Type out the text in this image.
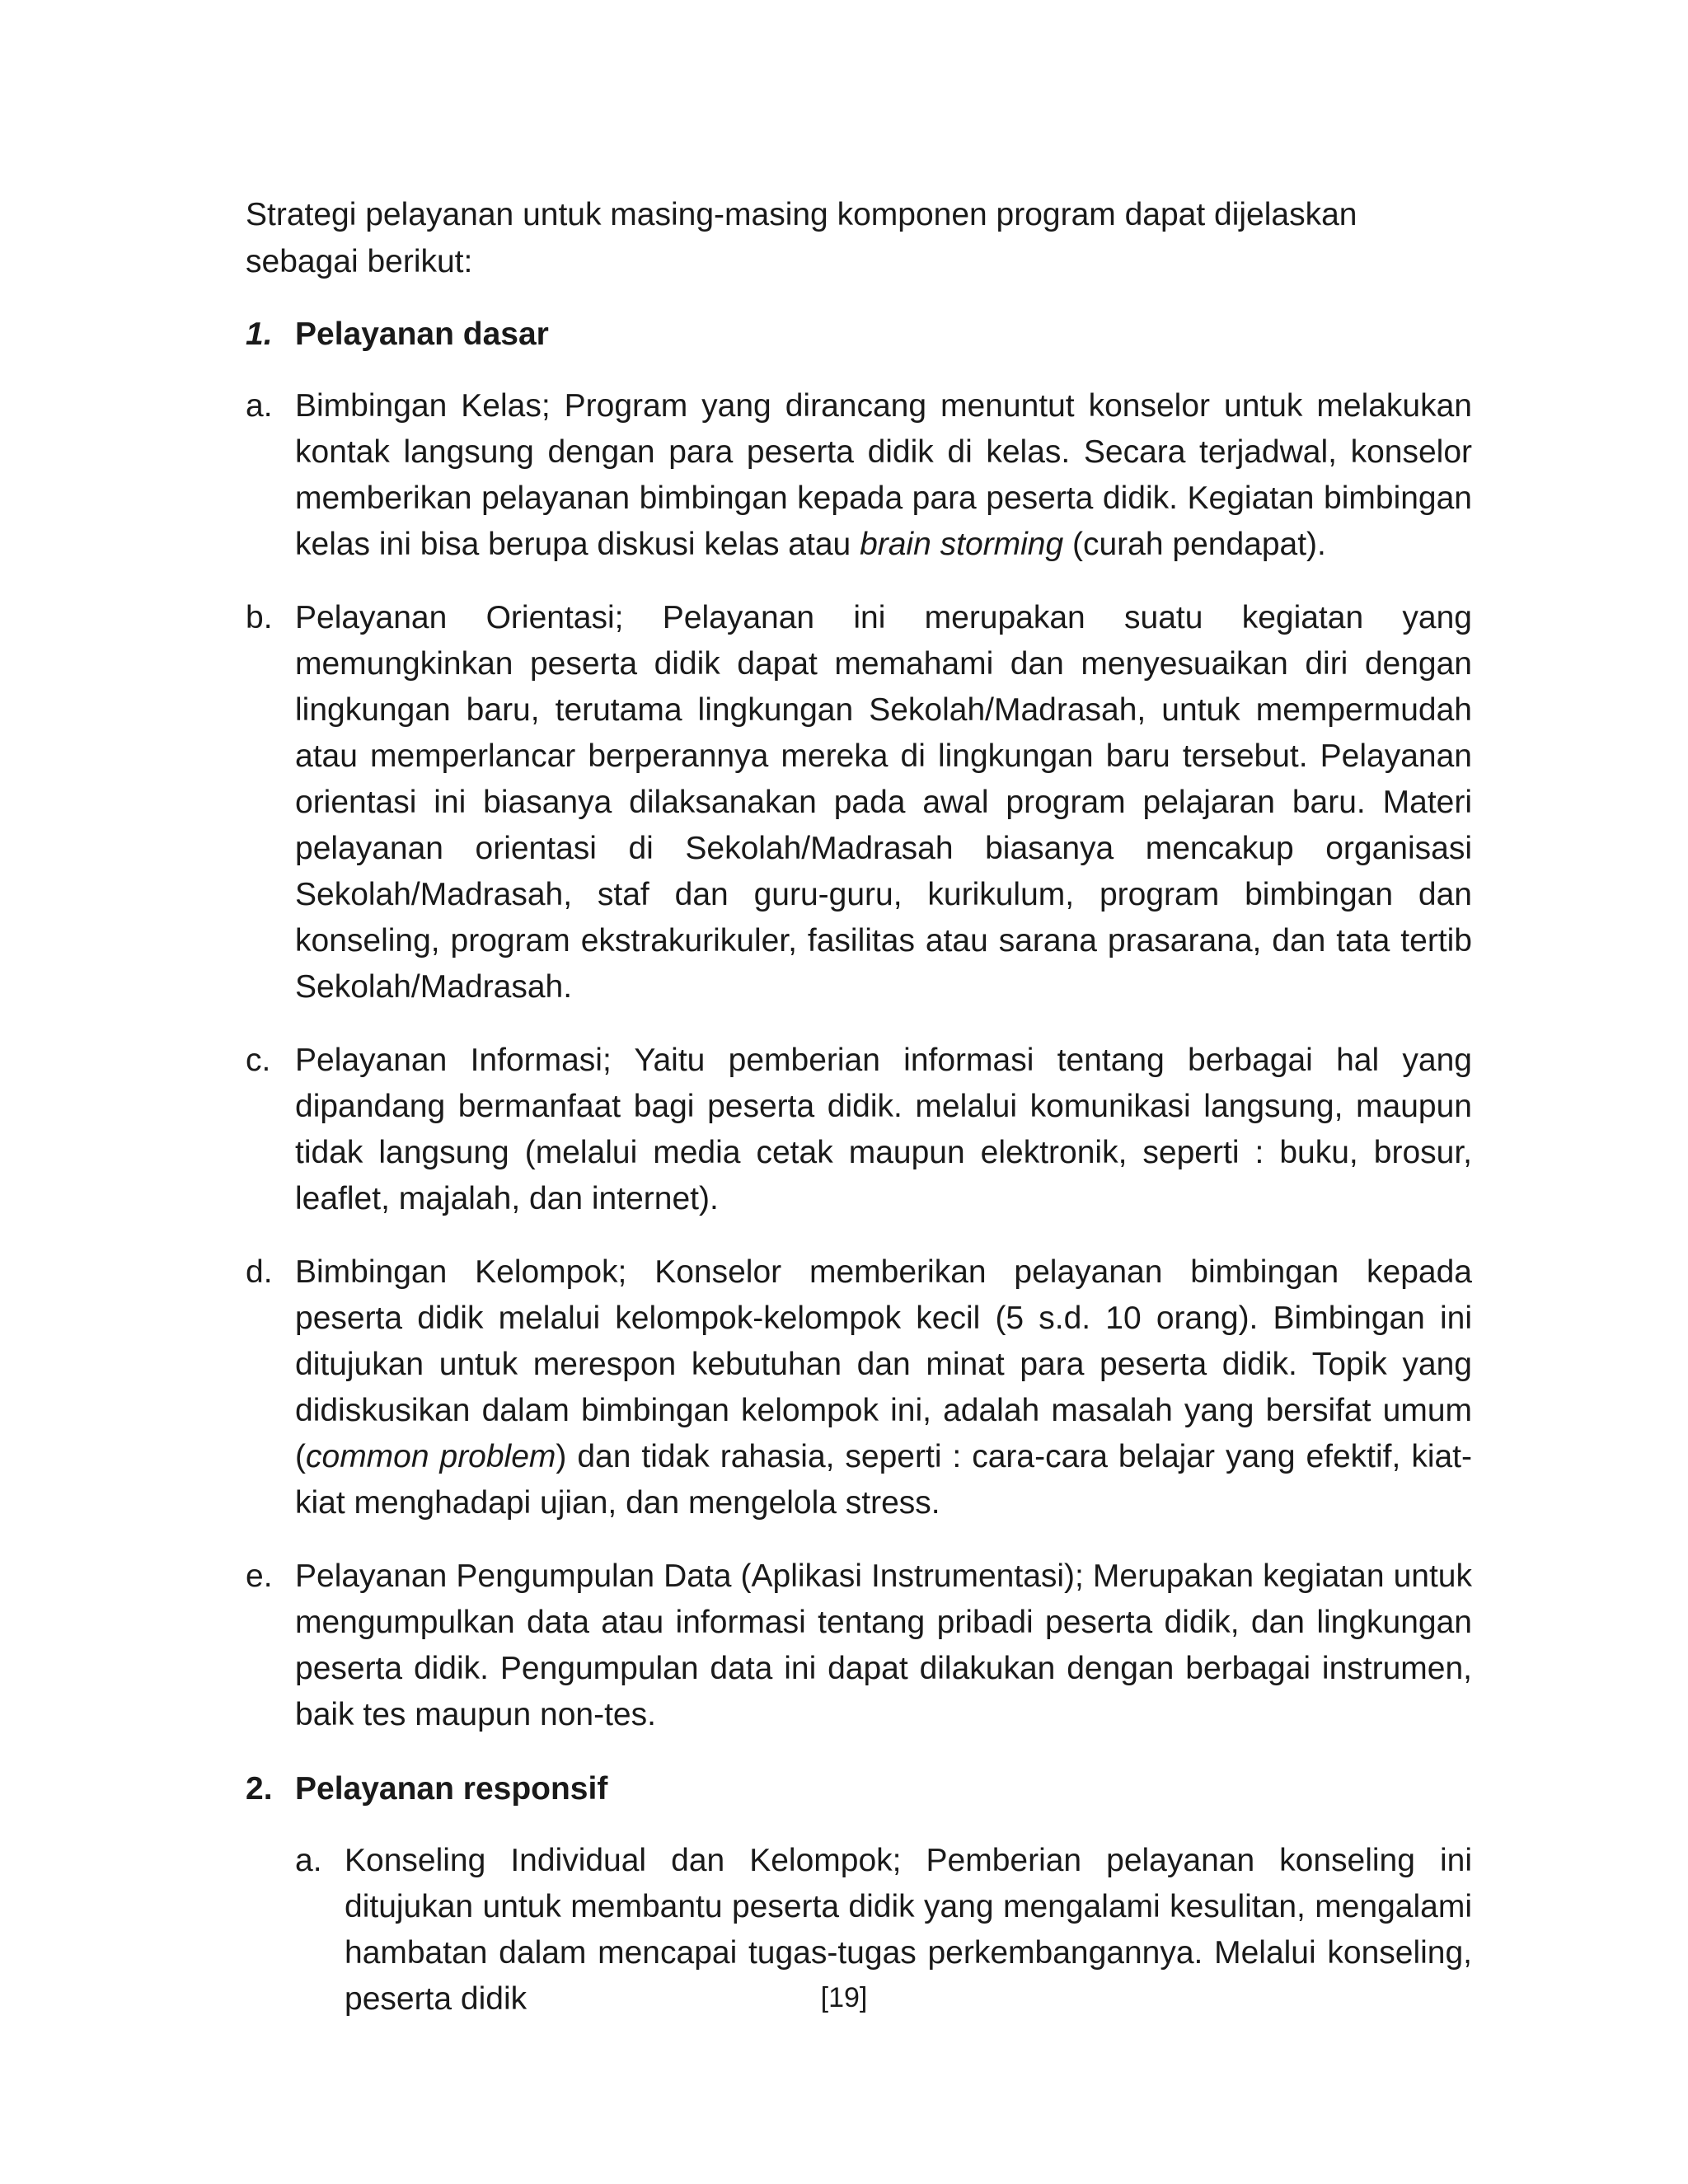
Strategi pelayanan untuk masing-masing komponen program dapat dijelaskan sebagai berikut:

1. Pelayanan dasar
a. Bimbingan Kelas; Program yang dirancang menuntut konselor untuk melakukan kontak langsung dengan para peserta didik di kelas. Secara terjadwal, konselor memberikan pelayanan bimbingan kepada para peserta didik. Kegiatan bimbingan kelas ini bisa berupa diskusi kelas atau brain storming (curah pendapat).
b. Pelayanan Orientasi; Pelayanan ini merupakan suatu kegiatan yang memungkinkan peserta didik dapat memahami dan menyesuaikan diri dengan lingkungan baru, terutama lingkungan Sekolah/Madrasah, untuk mempermudah atau memperlancar berperannya mereka di lingkungan baru tersebut. Pelayanan orientasi ini biasanya dilaksanakan pada awal program pelajaran baru. Materi pelayanan orientasi di Sekolah/Madrasah biasanya mencakup organisasi Sekolah/Madrasah, staf dan guru-guru, kurikulum, program bimbingan dan konseling, program ekstrakurikuler, fasilitas atau sarana prasarana, dan tata tertib Sekolah/Madrasah.
c. Pelayanan Informasi; Yaitu pemberian informasi tentang berbagai hal yang dipandang bermanfaat bagi peserta didik. melalui komunikasi langsung, maupun tidak langsung (melalui media cetak maupun elektronik, seperti : buku, brosur, leaflet, majalah, dan internet).
d. Bimbingan Kelompok; Konselor memberikan pelayanan bimbingan kepada peserta didik melalui kelompok-kelompok kecil (5 s.d. 10 orang). Bimbingan ini ditujukan untuk merespon kebutuhan dan minat para peserta didik. Topik yang didiskusikan dalam bimbingan kelompok ini, adalah masalah yang bersifat umum (common problem) dan tidak rahasia, seperti : cara-cara belajar yang efektif, kiat-kiat menghadapi ujian, dan mengelola stress.
e. Pelayanan Pengumpulan Data (Aplikasi Instrumentasi); Merupakan kegiatan untuk mengumpulkan data atau informasi tentang pribadi peserta didik, dan lingkungan peserta didik. Pengumpulan data ini dapat dilakukan dengan berbagai instrumen, baik tes maupun non-tes.
2. Pelayanan responsif
a. Konseling Individual dan Kelompok; Pemberian pelayanan konseling ini ditujukan untuk membantu peserta didik yang mengalami kesulitan, mengalami hambatan dalam mencapai tugas-tugas perkembangannya. Melalui konseling, peserta didik	[19]
